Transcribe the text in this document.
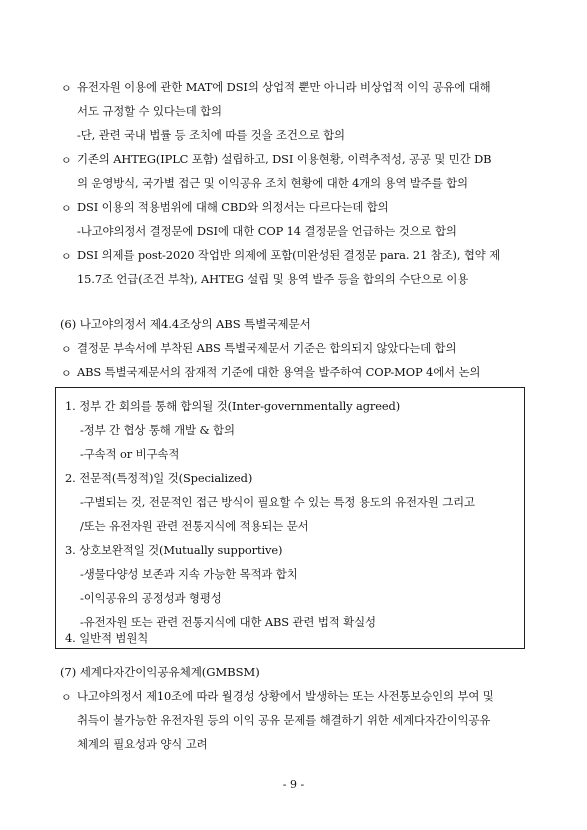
ㅇ 유전자원 이용에 관한 MAT에 DSI의 상업적 뿐만 아니라 비상업적 이익 공유에 대해
서도 규정할 수 있다는데 합의
-단, 관련 국내 법률 등 조치에 따를 것을 조건으로 합의
ㅇ 기존의 AHTEG(IPLC 포함) 설립하고, DSI 이용현황, 이력추적성, 공공 및 민간 DB
의 운영방식, 국가별 접근 및 이익공유 조치 현황에 대한 4개의 용역 발주를 합의
ㅇ DSI 이용의 적용범위에 대해 CBD와 의정서는 다르다는데 합의
-나고야의정서 결정문에 DSI에 대한 COP 14 결정문을 언급하는 것으로 합의
ㅇ DSI 의제를 post-2020 작업반 의제에 포함(미완성된 결정문 para. 21 참조), 협약 제
15.7조 언급(조건 부착), AHTEG 설립 및 용역 발주 등을 합의의 수단으로 이용
(6) 나고야의정서 제4.4조상의 ABS 특별국제문서
ㅇ 결정문 부속서에 부착된 ABS 특별국제문서 기준은 합의되지 않았다는데 합의
ㅇ ABS 특별국제문서의 잠재적 기준에 대한 용역을 발주하여 COP-MOP 4에서 논의
1. 정부 간 회의를 통해 합의될 것(Inter-governmentally agreed)
-정부 간 협상 통해 개발 & 합의
-구속적 or 비구속적
2. 전문적(특정적)일 것(Specialized)
-구별되는 것, 전문적인 접근 방식이 필요할 수 있는 특정 용도의 유전자원 그리고
/또는 유전자원 관련 전통지식에 적용되는 문서
3. 상호보완적일 것(Mutually supportive)
-생물다양성 보존과 지속 가능한 목적과 합치
-이익공유의 공정성과 형평성
-유전자원 또는 관련 전통지식에 대한 ABS 관련 법적 확실성
4. 일반적 범원칙
(7) 세계다자간이익공유체계(GMBSM)
ㅇ 나고야의정서 제10조에 따라 월경성 상황에서 발생하는 또는 사전통보승인의 부여 및
취득이 불가능한 유전자원 등의 이익 공유 문제를 해결하기 위한 세계다자간이익공유
체계의 필요성과 양식 고려
- 9 -
